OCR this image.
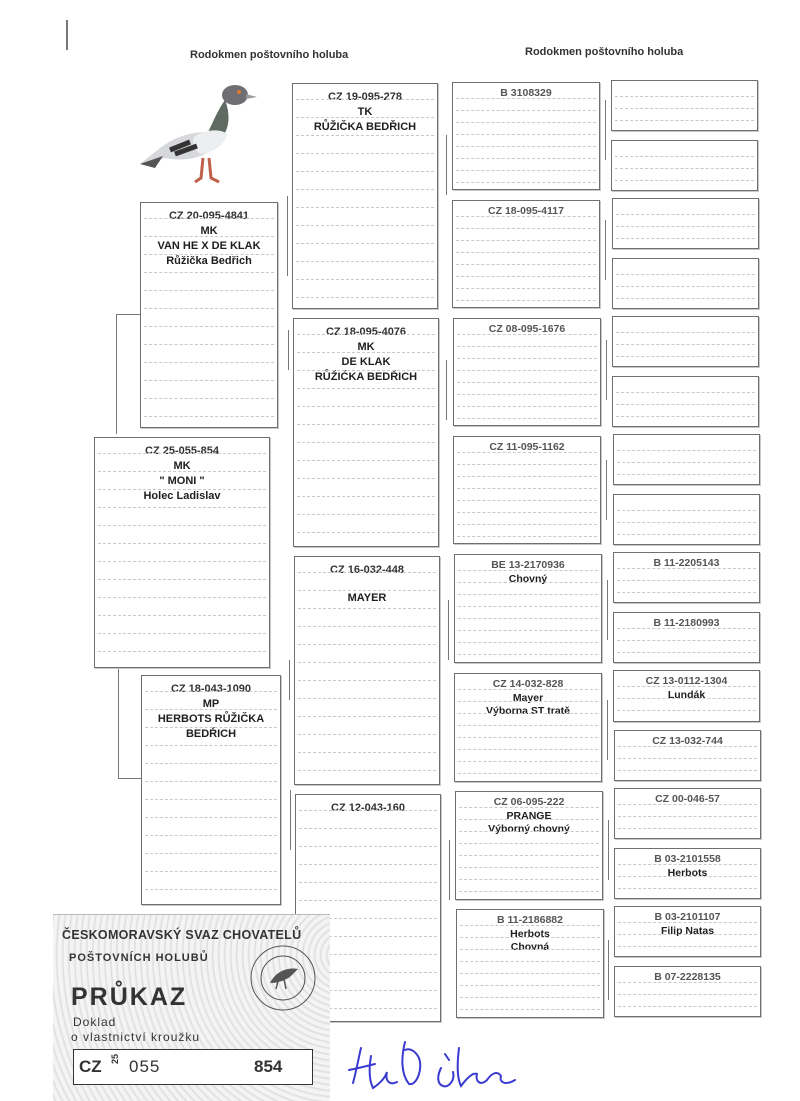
Rodokmen poštovního holuba	Rodokmen poštovního holuba
CZ 25-055-854
MK
" MONI "
Holec Ladislav
CZ 20-095-4841
MK
VAN HE X DE KLAK
Růžička Bedřich
CZ 18-043-1090
MP
HERBOTS RŮŽIČKA
BEDŘICH
CZ 19-095-278
TK
RŮŽIČKA BEDŘICH
CZ 18-095-4076
MK
DE KLAK
RŮŽIČKA BEDŘICH
CZ 16-032-448
MAYER
CZ 12-043-160
B 3108329
CZ 18-095-4117
CZ 08-095-1676
CZ 11-095-1162
BE 13-2170936
Chovný
CZ 14-032-828
Mayer
Výborna ST tratě
CZ 06-095-222
PRANGE
Výborný chovný
B 11-2186882
Herbots
Chovná
B 11-2205143
B 11-2180993
CZ 13-0112-1304
Lundák
CZ 13-032-744
CZ 00-046-57
B 03-2101558
Herbots
B 03-2101107
Filip Natas
B 07-2228135
ČESKOMORAVSKÝ SVAZ CHOVATELŮ
POŠTOVNÍCH HOLUBŮ
PRŮKAZ
Doklad
o vlastnictví kroužku
CZ 25 055	854
